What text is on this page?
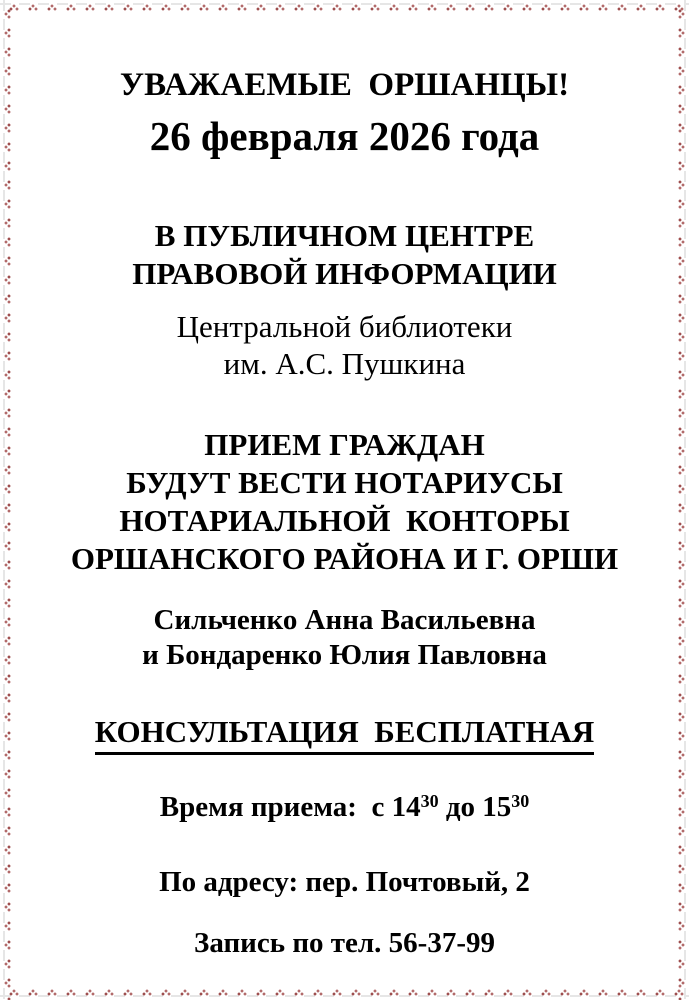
УВАЖАЕМЫЕ  ОРШАНЦЫ!

26 февраля 2026 года

В ПУБЛИЧНОМ ЦЕНТРЕ

ПРАВОВОЙ ИНФОРМАЦИИ

Центральной библиотеки

им. А.С. Пушкина

ПРИЕМ ГРАЖДАН

БУДУТ ВЕСТИ НОТАРИУСЫ

НОТАРИАЛЬНОЙ  КОНТОРЫ

ОРШАНСКОГО РАЙОНА И Г. ОРШИ

Сильченко Анна Васильевна

и Бондаренко Юлия Павловна

КОНСУЛЬТАЦИЯ  БЕСПЛАТНАЯ

Время приема:  с $14^{30}$ до $15^{30}$

По адресу: пер. Почтовый, 2

Запись по тел. 56-37-99
